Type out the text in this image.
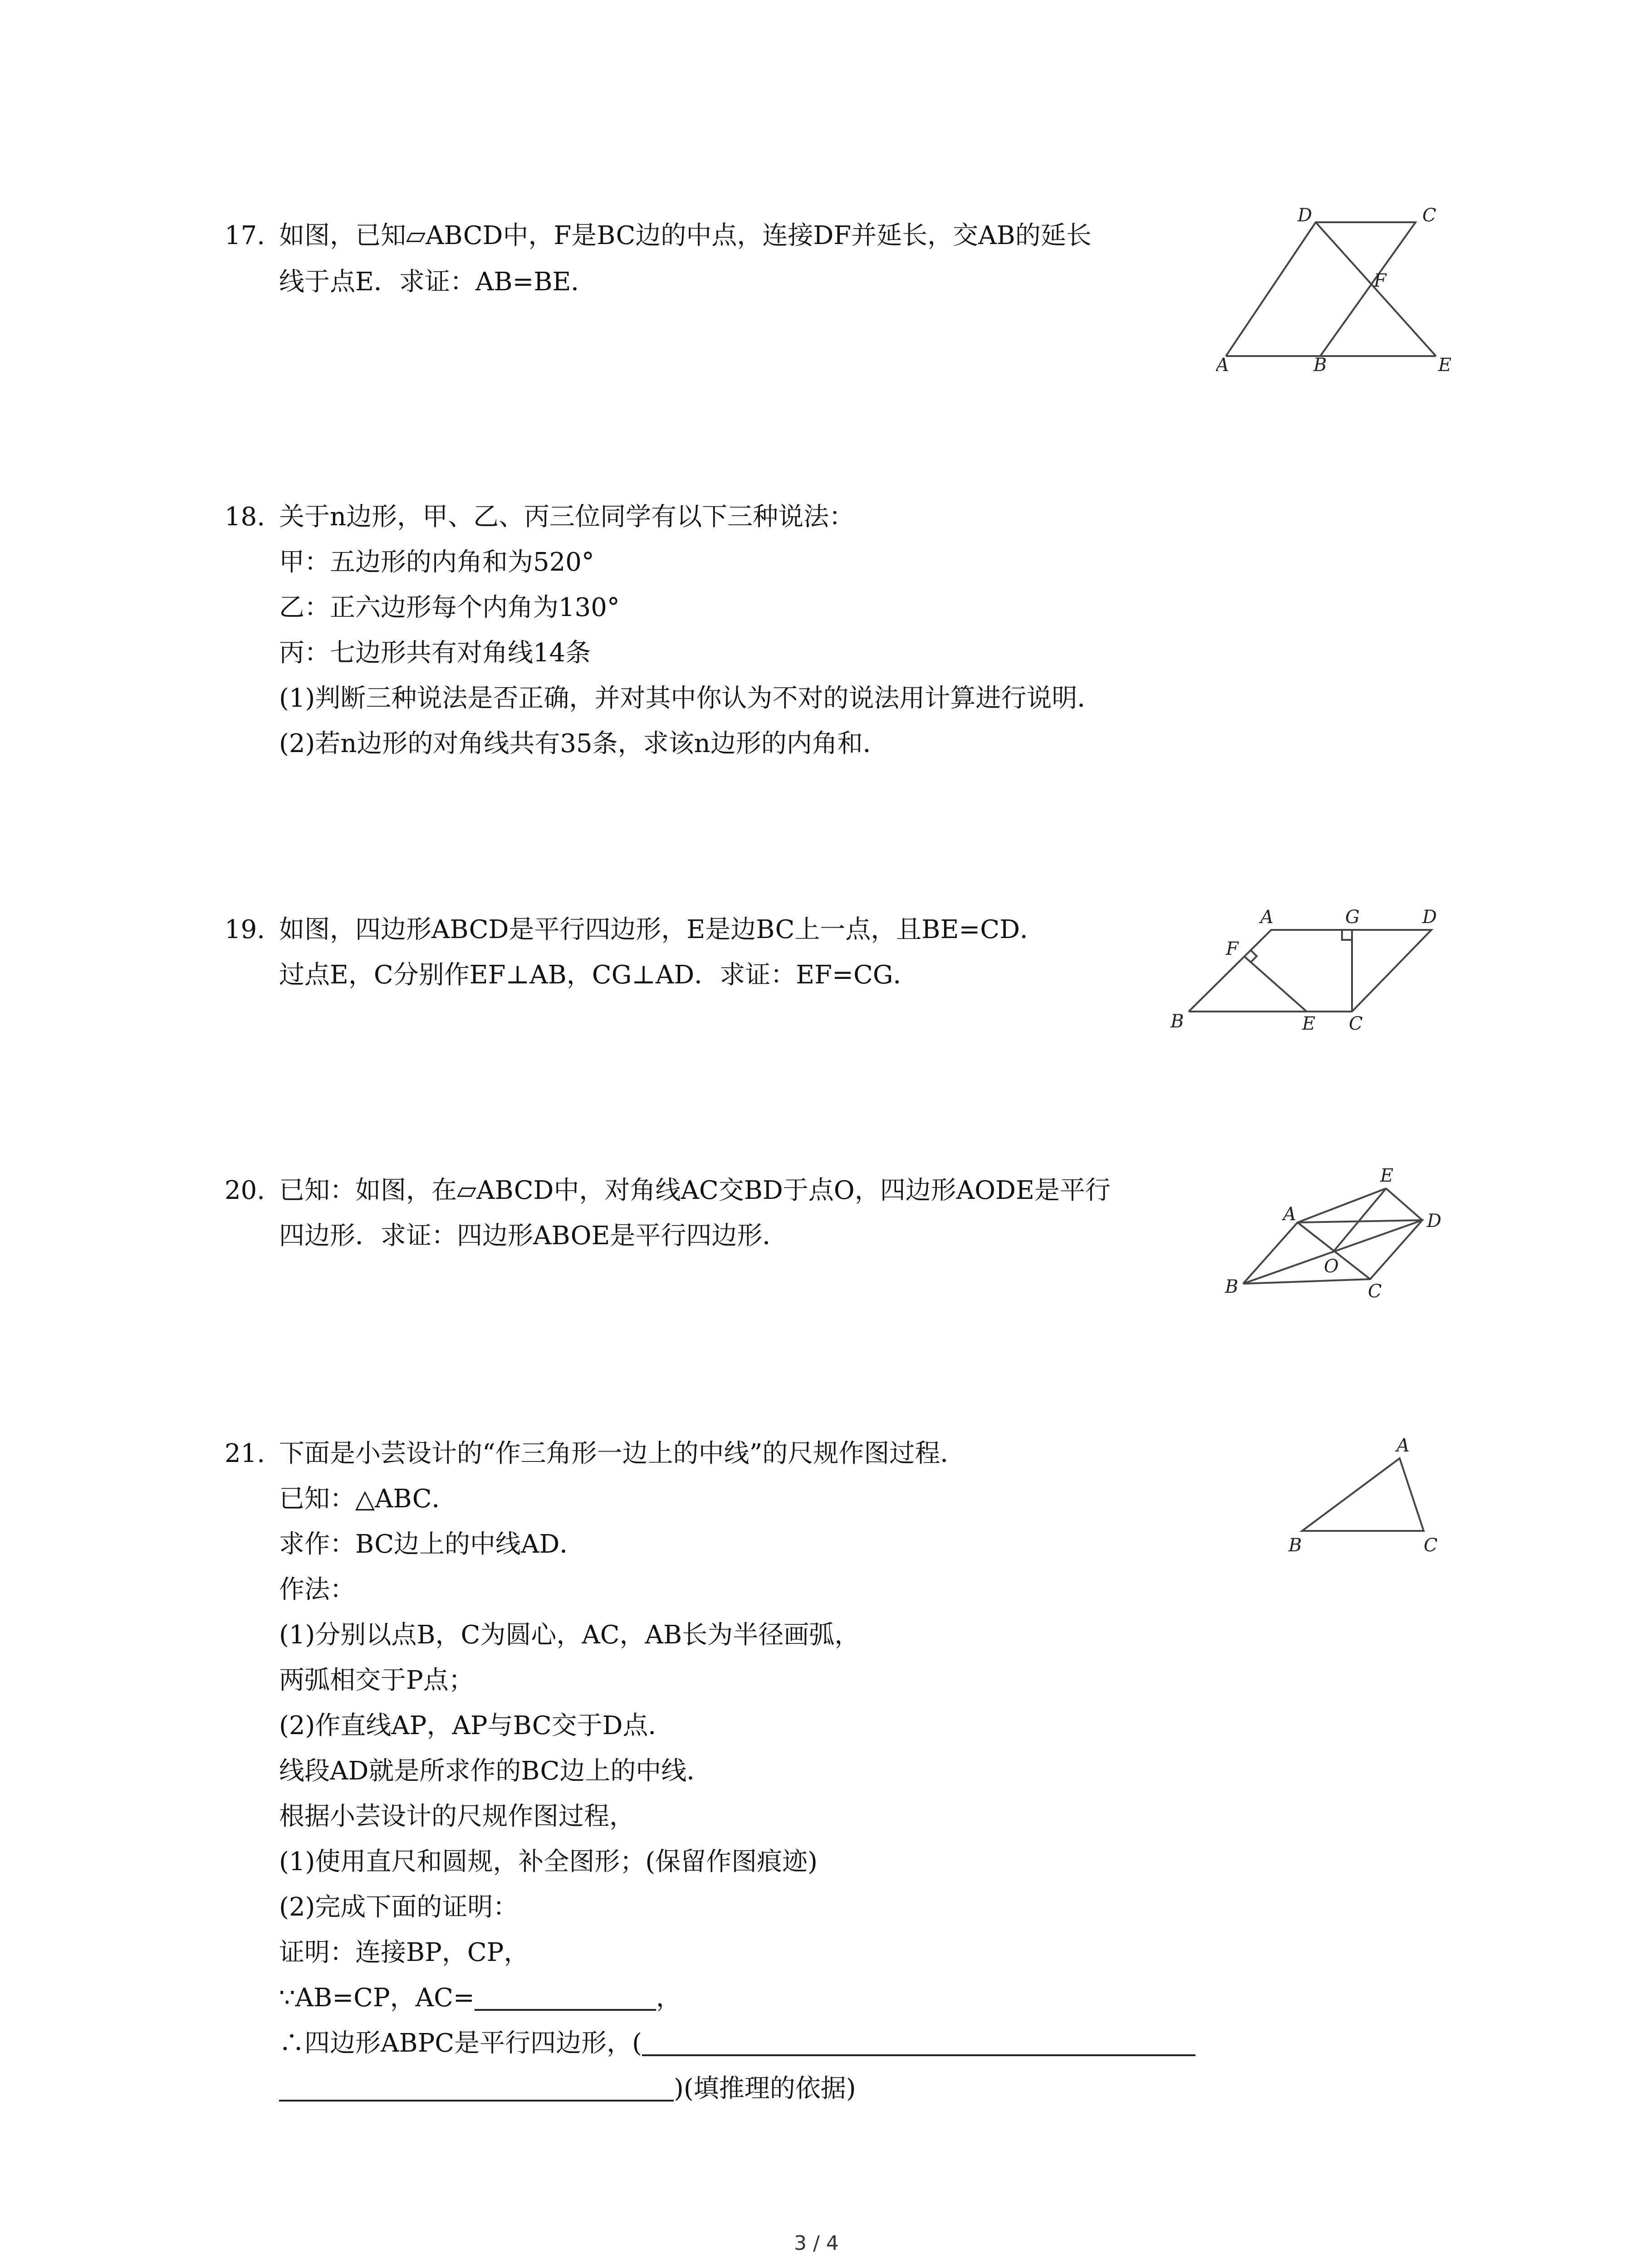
17. 如图，已知▱ABCD中，F是BC边的中点，连接DF并延长，交AB的延长
线于点E．求证：AB=BE．
A	B
C
D
E
F
18. 关于n边形，甲、乙、丙三位同学有以下三种说法：
甲：五边形的内角和为520°
乙：正六边形每个内角为130°
丙：七边形共有对角线14条
(1)判断三种说法是否正确，并对其中你认为不对的说法用计算进行说明．
(2)若n边形的对角线共有35条，求该n边形的内角和．
19. 如图，四边形ABCD是平行四边形，E是边BC上一点，且BE=CD．
过点E，C分别作EF⊥AB，CG⊥AD．求证：EF=CG．
A
B	C
D
E
F
G
20. 已知：如图，在▱ABCD中，对角线AC交BD于点O，四边形AODE是平行
四边形．求证：四边形ABOE是平行四边形．
A
B	C
D
E
O
21. 下面是小芸设计的“作三角形一边上的中线”的尺规作图过程．
已知：△ABC．
求作：BC边上的中线AD．
作法：
(1)分别以点B，C为圆心，AC，AB长为半径画弧，
两弧相交于P点；
(2)作直线AP，AP与BC交于D点．
线段AD就是所求作的BC边上的中线．
根据小芸设计的尺规作图过程，
(1)使用直尺和圆规，补全图形；(保留作图痕迹)
(2)完成下面的证明：
证明：连接BP，CP，
∵AB=CP，AC=	，
∴四边形ABPC是平行四边形，(
)(填推理的依据)
A
B	C
3 / 4
